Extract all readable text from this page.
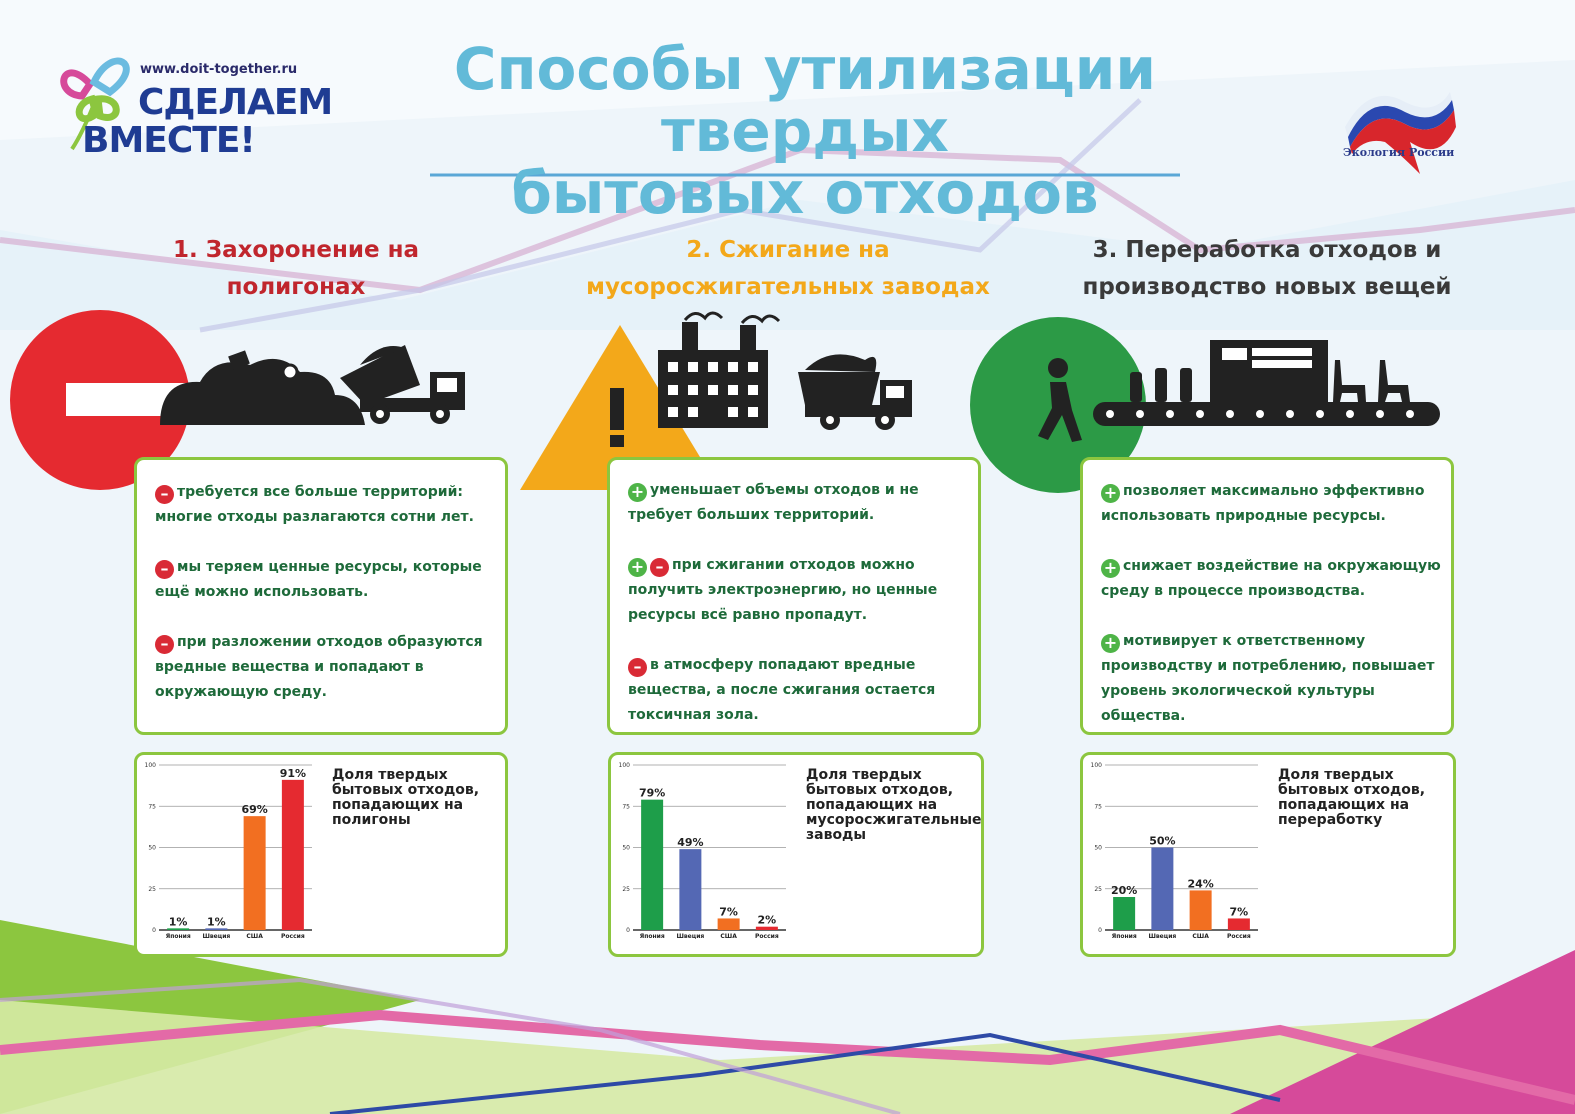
www.doit-together.ru
СДЕЛАЕМ
ВМЕСТЕ!
Способы утилизации твердых
бытовых отходов
Экология России
1. Захоронение на
полигонах
2. Сжигание на
мусоросжигательных заводах
3. Переработка отходов и
производство новых вещей
– требуется все больше территорий: многие отходы разлагаются сотни лет.
– мы теряем ценные ресурсы, которые ещё можно использовать.
– при разложении отходов образуются вредные вещества и попадают в окружающую среду.
+ уменьшает объемы отходов и не требует больших территорий.
+ – при сжигании отходов можно получить электроэнергию, но ценные ресурсы всё равно пропадут.
– в атмосферу попадают вредные вещества, а после сжигания остается токсичная зола.
+ позволяет максимально эффективно использовать природные ресурсы.
+ снижает воздействие на окружающую среду в процессе производства.
+ мотивирует к ответственному производству и потреблению, повышает уровень экологической культуры общества.
0
25
50
75
100
1%
Япония
1%
Швеция
69%
США
91%
Россия
Доля твердых бытовых отходов, попадающих на полигоны
0
25
50
75
100
79%
Япония
49%
Швеция
7%
США
2%
Россия
Доля твердых бытовых отходов, попадающих на мусоросжигательные заводы
0
25
50
75
100
20%
Япония
50%
Швеция
24%
США
7%
Россия
Доля твердых бытовых отходов, попадающих на переработку
